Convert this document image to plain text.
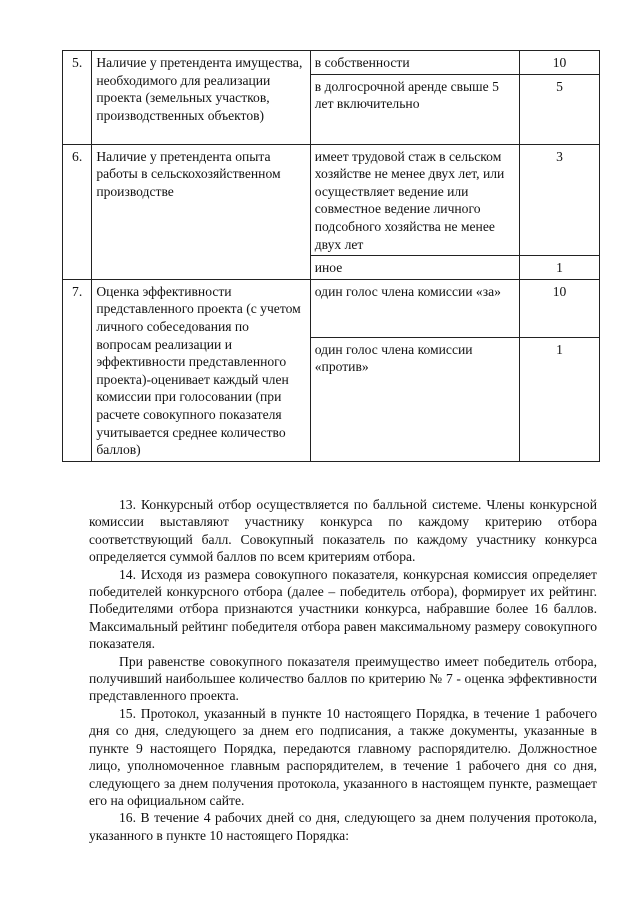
5.	Наличие у претендента имущества, необходимого для реализации проекта (земельных участков, производственных объектов)	в собственности	10
		в долгосрочной аренде свыше 5 лет включительно	5
6.	Наличие у претендента опыта работы в сельскохозяйственном производстве	имеет трудовой стаж в сельском хозяйстве не менее двух лет, или осуществляет ведение или совместное ведение личного подсобного хозяйства не менее двух лет	3
		иное	1
7.	Оценка эффективности представленного проекта (с учетом личного собеседования по вопросам реализации и эффективности представленного проекта)-оценивает каждый член комиссии при голосовании (при расчете совокупного показателя учитывается среднее количество баллов)	один голос члена комиссии «за»	10
		один голос члена комиссии «против»	1

13. Конкурсный отбор осуществляется по балльной системе. Члены конкурсной комиссии выставляют участнику конкурса по каждому критерию отбора соответствующий балл. Совокупный показатель по каждому участнику конкурса определяется суммой баллов по всем критериям отбора.

14. Исходя из размера совокупного показателя, конкурсная комиссия определяет победителей конкурсного отбора (далее – победитель отбора), формирует их рейтинг. Победителями отбора признаются участники конкурса, набравшие более 16 баллов. Максимальный рейтинг победителя отбора равен максимальному размеру совокупного показателя.

При равенстве совокупного показателя преимущество имеет победитель отбора, получивший наибольшее количество баллов по критерию № 7 - оценка эффективности представленного проекта.

15. Протокол, указанный в пункте 10 настоящего Порядка, в течение 1 рабочего дня со дня, следующего за днем его подписания, а также документы, указанные в пункте 9 настоящего Порядка, передаются главному распорядителю. Должностное лицо, уполномоченное главным распорядителем, в течение 1 рабочего дня со дня, следующего за днем получения протокола, указанного в настоящем пункте, размещает его на официальном сайте.

16. В течение 4 рабочих дней со дня, следующего за днем получения протокола, указанного в пункте 10 настоящего Порядка:
